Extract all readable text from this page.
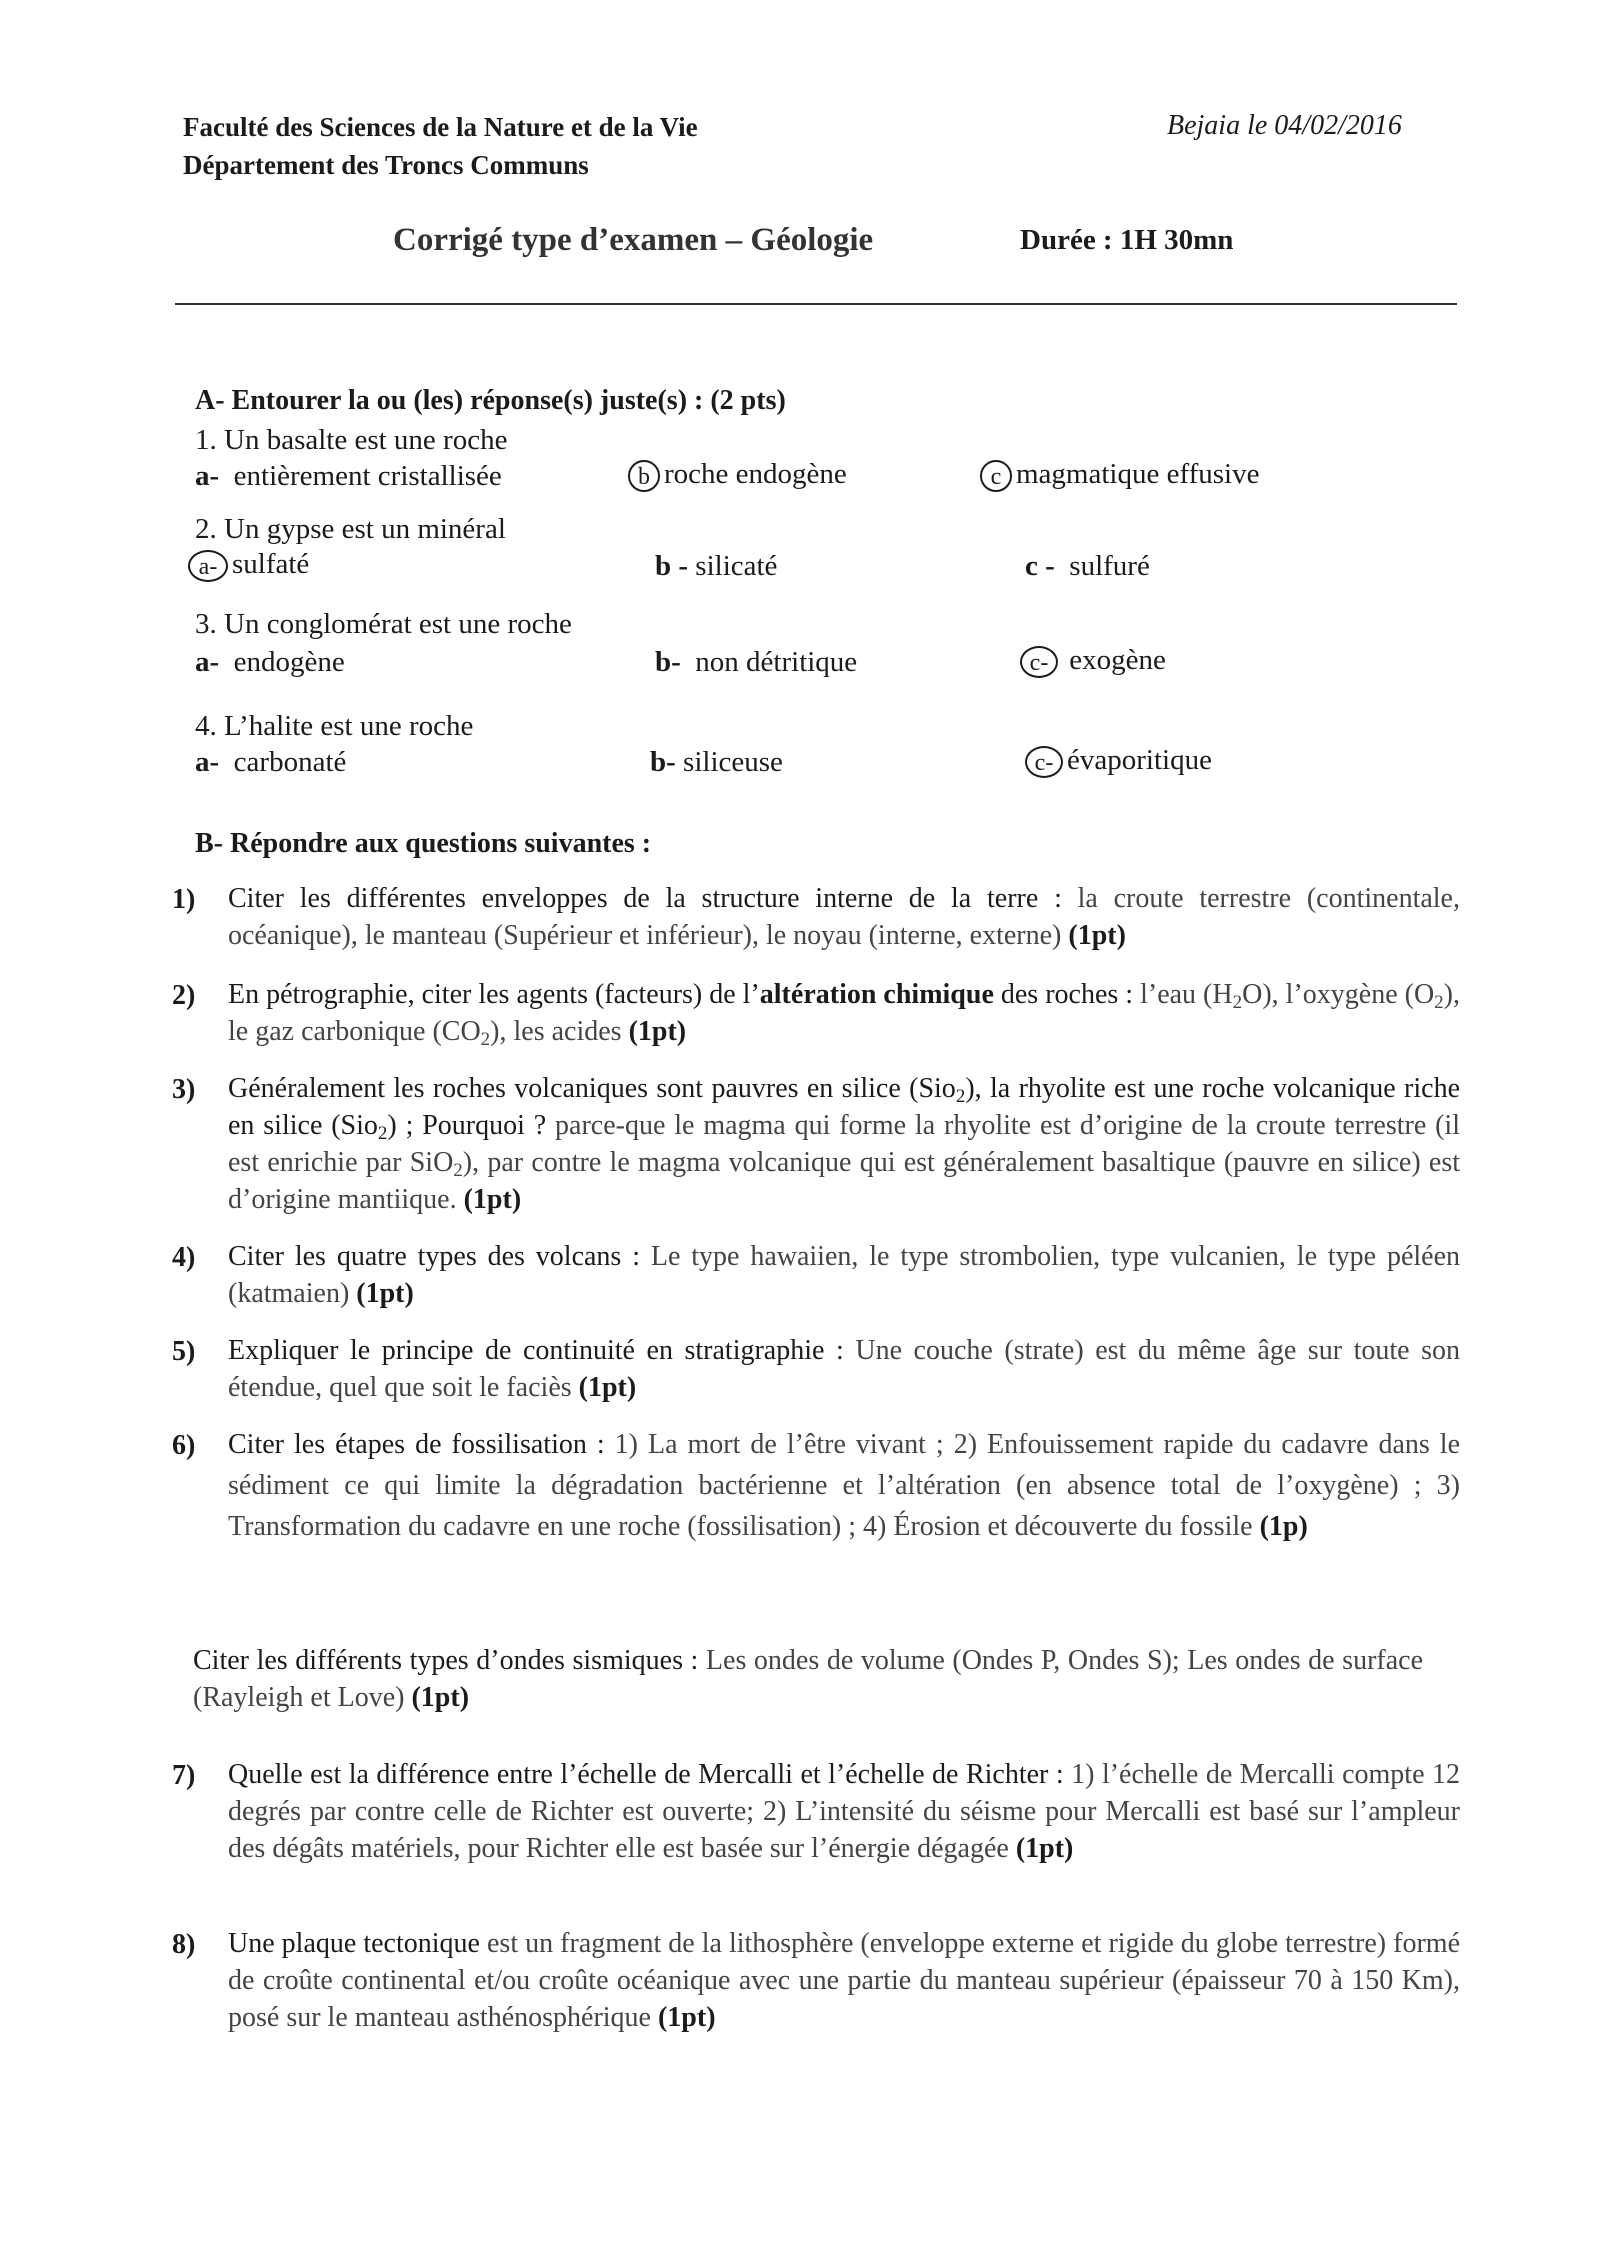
Faculté des Sciences de la Nature et de la Vie
Département des Troncs Communs
Bejaia le 04/02/2016
Corrigé type d’examen – Géologie	Durée : 1H 30mn
A- Entourer la ou (les) réponse(s) juste(s) : (2 pts)
1. Un basalte est une roche
a- entièrement cristallisée	b roche endogène	c magmatique effusive
2. Un gypse est un minéral
a- sulfaté	b - silicaté	c - sulfuré
3. Un conglomérat est une roche
a- endogène	b- non détritique	c- exogène
4. L’halite est une roche
a- carbonaté	b- siliceuse	c- évaporitique
B- Répondre aux questions suivantes :
1) Citer les différentes enveloppes de la structure interne de la terre : la croute terrestre (continentale, océanique), le manteau (Supérieur et inférieur), le noyau (interne, externe) (1pt)
2) En pétrographie, citer les agents (facteurs) de l’altération chimique des roches : l’eau $(H_2O)$, l’oxygène $(O_2)$, le gaz carbonique $(CO_2)$, les acides (1pt)
3) Généralement les roches volcaniques sont pauvres en silice (Sio$_2$), la rhyolite est une roche volcanique riche en silice (Sio$_2$) ; Pourquoi ? parce-que le magma qui forme la rhyolite est d’origine de la croute terrestre (il est enrichie par SiO$_2$), par contre le magma volcanique qui est généralement basaltique (pauvre en silice) est d’origine mantiique. (1pt)
4) Citer les quatre types des volcans : Le type hawaiien, le type strombolien, type vulcanien, le type péléen (katmaien) (1pt)
5) Expliquer le principe de continuité en stratigraphie : Une couche (strate) est du même âge sur toute son étendue, quel que soit le faciès (1pt)
6) Citer les étapes de fossilisation : 1) La mort de l’être vivant ; 2) Enfouissement rapide du cadavre dans le sédiment ce qui limite la dégradation bactérienne et l’altération (en absence total de l’oxygène) ; 3) Transformation du cadavre en une roche (fossilisation) ; 4) Érosion et découverte du fossile (1p)
Citer les différents types d’ondes sismiques : Les ondes de volume (Ondes P, Ondes S); Les ondes de surface (Rayleigh et Love) (1pt)
7) Quelle est la différence entre l’échelle de Mercalli et l’échelle de Richter : 1) l’échelle de Mercalli compte 12 degrés par contre celle de Richter est ouverte; 2) L’intensité du séisme pour Mercalli est basé sur l’ampleur des dégâts matériels, pour Richter elle est basée sur l’énergie dégagée (1pt)
8) Une plaque tectonique est un fragment de la lithosphère (enveloppe externe et rigide du globe terrestre) formé de croûte continental et/ou croûte océanique avec une partie du manteau supérieur (épaisseur 70 à 150 Km), posé sur le manteau asthénosphérique (1pt)
